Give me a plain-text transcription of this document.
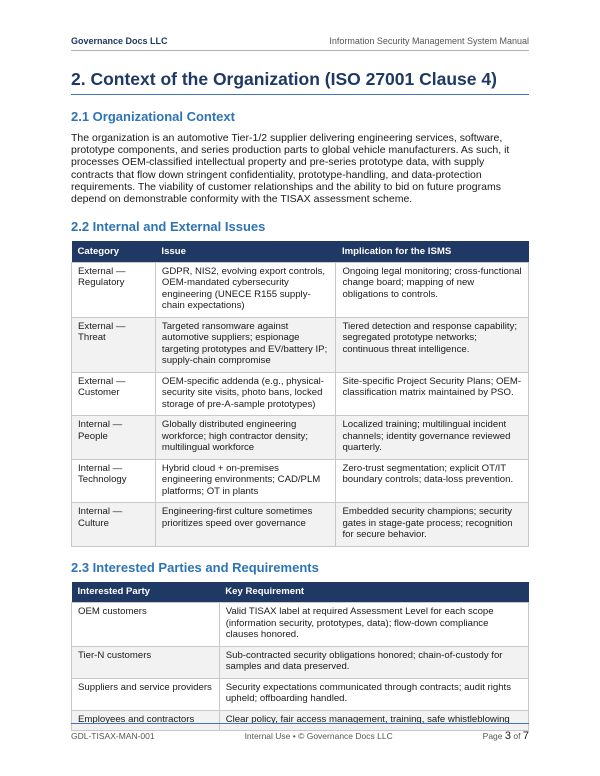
Governance Docs LLC	Information Security Management System Manual
2. Context of the Organization (ISO 27001 Clause 4)
2.1 Organizational Context

The organization is an automotive Tier-1/2 supplier delivering engineering services, software, prototype components, and series production parts to global vehicle manufacturers. As such, it processes OEM-classified intellectual property and pre-series prototype data, with supply contracts that flow down stringent confidentiality, prototype-handling, and data-protection requirements. The viability of customer relationships and the ability to bid on future programs depend on demonstrable conformity with the TISAX assessment scheme.

2.2 Internal and External Issues
Category	Issue	Implication for the ISMS
External — Regulatory	GDPR, NIS2, evolving export controls, OEM-mandated cybersecurity engineering (UNECE R155 supply-chain expectations)	Ongoing legal monitoring; cross-functional change board; mapping of new obligations to controls.
External — Threat	Targeted ransomware against automotive suppliers; espionage targeting prototypes and EV/battery IP; supply-chain compromise	Tiered detection and response capability; segregated prototype networks; continuous threat intelligence.
External — Customer	OEM-specific addenda (e.g., physical-security site visits, photo bans, locked storage of pre-A-sample prototypes)	Site-specific Project Security Plans; OEM-classification matrix maintained by PSO.
Internal — People	Globally distributed engineering workforce; high contractor density; multilingual workforce	Localized training; multilingual incident channels; identity governance reviewed quarterly.
Internal — Technology	Hybrid cloud + on-premises engineering environments; CAD/PLM platforms; OT in plants	Zero-trust segmentation; explicit OT/IT boundary controls; data-loss prevention.
Internal — Culture	Engineering-first culture sometimes prioritizes speed over governance	Embedded security champions; security gates in stage-gate process; recognition for secure behavior.
2.3 Interested Parties and Requirements
Interested Party	Key Requirement
OEM customers	Valid TISAX label at required Assessment Level for each scope (information security, prototypes, data); flow-down compliance clauses honored.
Tier-N customers	Sub-contracted security obligations honored; chain-of-custody for samples and data preserved.
Suppliers and service providers	Security expectations communicated through contracts; audit rights upheld; offboarding handled.
Employees and contractors	Clear policy, fair access management, training, safe whistleblowing
GDL-TISAX-MAN-001	Internal Use • © Governance Docs LLC	Page 3 of 7
